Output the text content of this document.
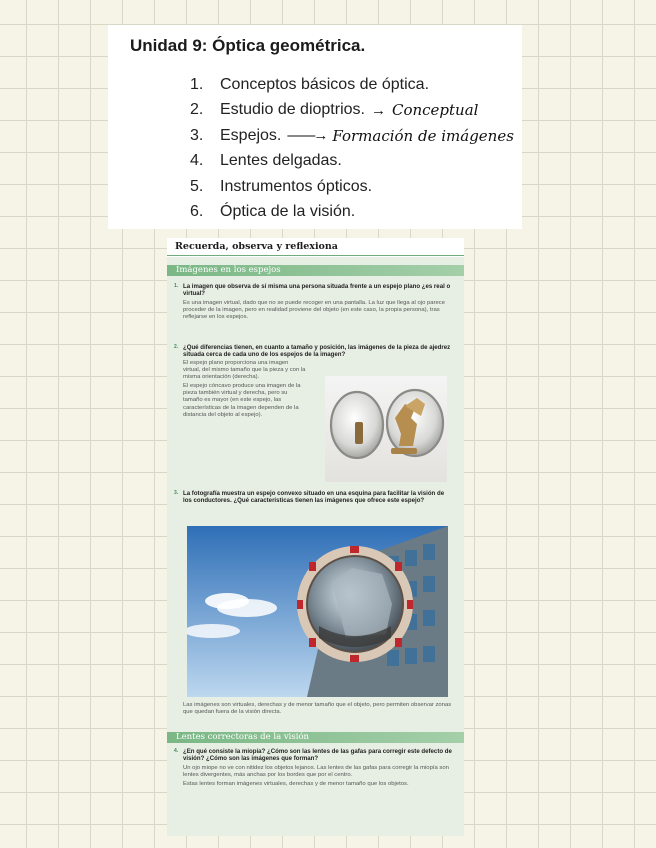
Unidad 9: Óptica geométrica.
1.	Conceptos básicos de óptica.
2.	Estudio de dioptrios. → Conceptual
3.	Espejos. ——→ Formación de imágenes
4.	Lentes delgadas.
5.	Instrumentos ópticos.
6.	Óptica de la visión.
Recuerda, observa y reflexiona
Imágenes en los espejos
1. La imagen que observa de sí misma una persona situada frente a un espejo plano ¿es real o virtual?

Es una imagen virtual, dado que no se puede recoger en una pantalla. La luz que llega al ojo parece proceder de la imagen, pero en realidad proviene del objeto (en este caso, la propia persona), tras reflejarse en los espejos.

2. ¿Qué diferencias tienen, en cuanto a tamaño y posición, las imágenes de la pieza de ajedrez situada cerca de cada uno de los espejos de la imagen?

El espejo plano proporciona una imagen virtual, del mismo tamaño que la pieza y con la misma orientación (derecha).

El espejo cóncavo produce una imagen de la pieza también virtual y derecha, pero su tamaño es mayor (en este espejo, las características de la imagen dependen de la distancia del objeto al espejo).

3. La fotografía muestra un espejo convexo situado en una esquina para facilitar la visión de los conductores. ¿Qué características tienen las imágenes que ofrece este espejo?

Las imágenes son virtuales, derechas y de menor tamaño que el objeto, pero permiten observar zonas que quedan fuera de la visión directa.

Lentes correctoras de la visión
4. ¿En qué consiste la miopía? ¿Cómo son las lentes de las gafas para corregir este defecto de visión? ¿Cómo son las imágenes que forman?

Un ojo miope no ve con nitidez los objetos lejanos. Las lentes de las gafas para corregir la miopía son lentes divergentes, más anchas por los bordes que por el centro.

Estas lentes forman imágenes virtuales, derechas y de menor tamaño que los objetos.
